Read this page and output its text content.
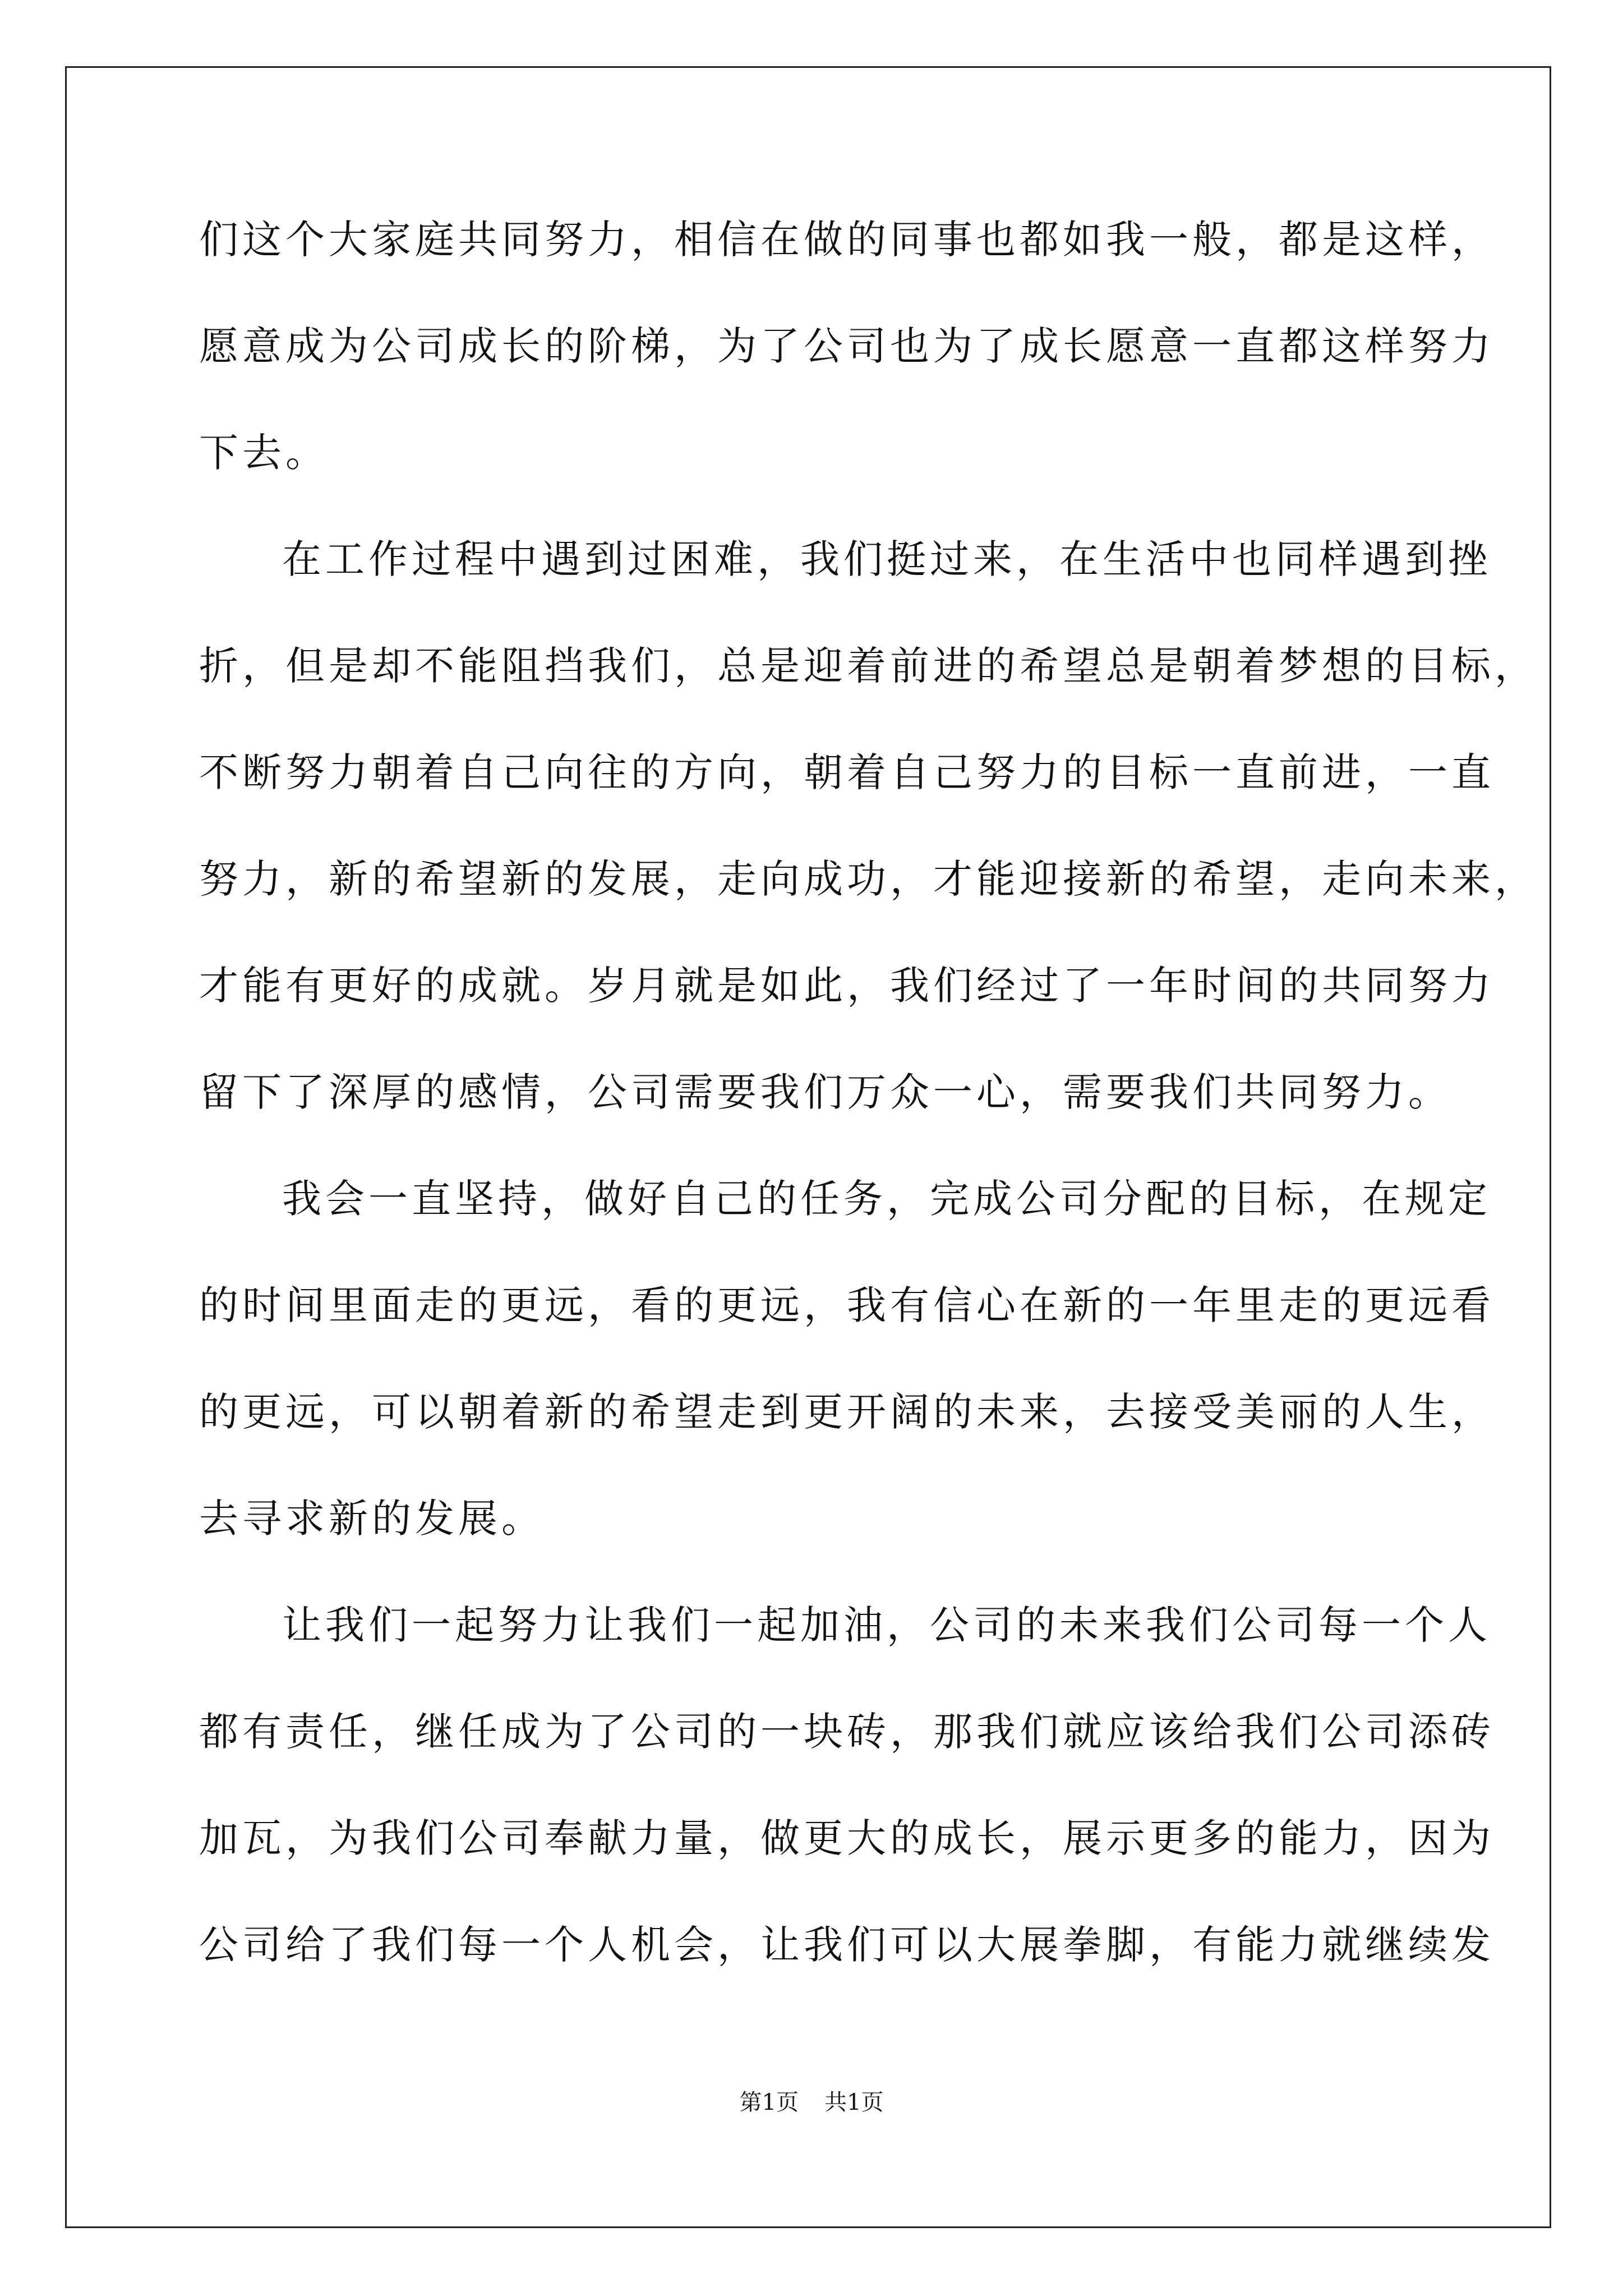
们这个大家庭共同努力，相信在做的同事也都如我一般，都是这样，
愿意成为公司成长的阶梯，为了公司也为了成长愿意一直都这样努力
下去。
在工作过程中遇到过困难，我们挺过来，在生活中也同样遇到挫
折，但是却不能阻挡我们，总是迎着前进的希望总是朝着梦想的目标，
不断努力朝着自己向往的方向，朝着自己努力的目标一直前进，一直
努力，新的希望新的发展，走向成功，才能迎接新的希望，走向未来，
才能有更好的成就。岁月就是如此，我们经过了一年时间的共同努力
留下了深厚的感情，公司需要我们万众一心，需要我们共同努力。
我会一直坚持，做好自己的任务，完成公司分配的目标，在规定
的时间里面走的更远，看的更远，我有信心在新的一年里走的更远看
的更远，可以朝着新的希望走到更开阔的未来，去接受美丽的人生，
去寻求新的发展。
让我们一起努力让我们一起加油，公司的未来我们公司每一个人
都有责任，继任成为了公司的一块砖，那我们就应该给我们公司添砖
加瓦，为我们公司奉献力量，做更大的成长，展示更多的能力，因为
公司给了我们每一个人机会，让我们可以大展拳脚，有能力就继续发
第1页 共1页
